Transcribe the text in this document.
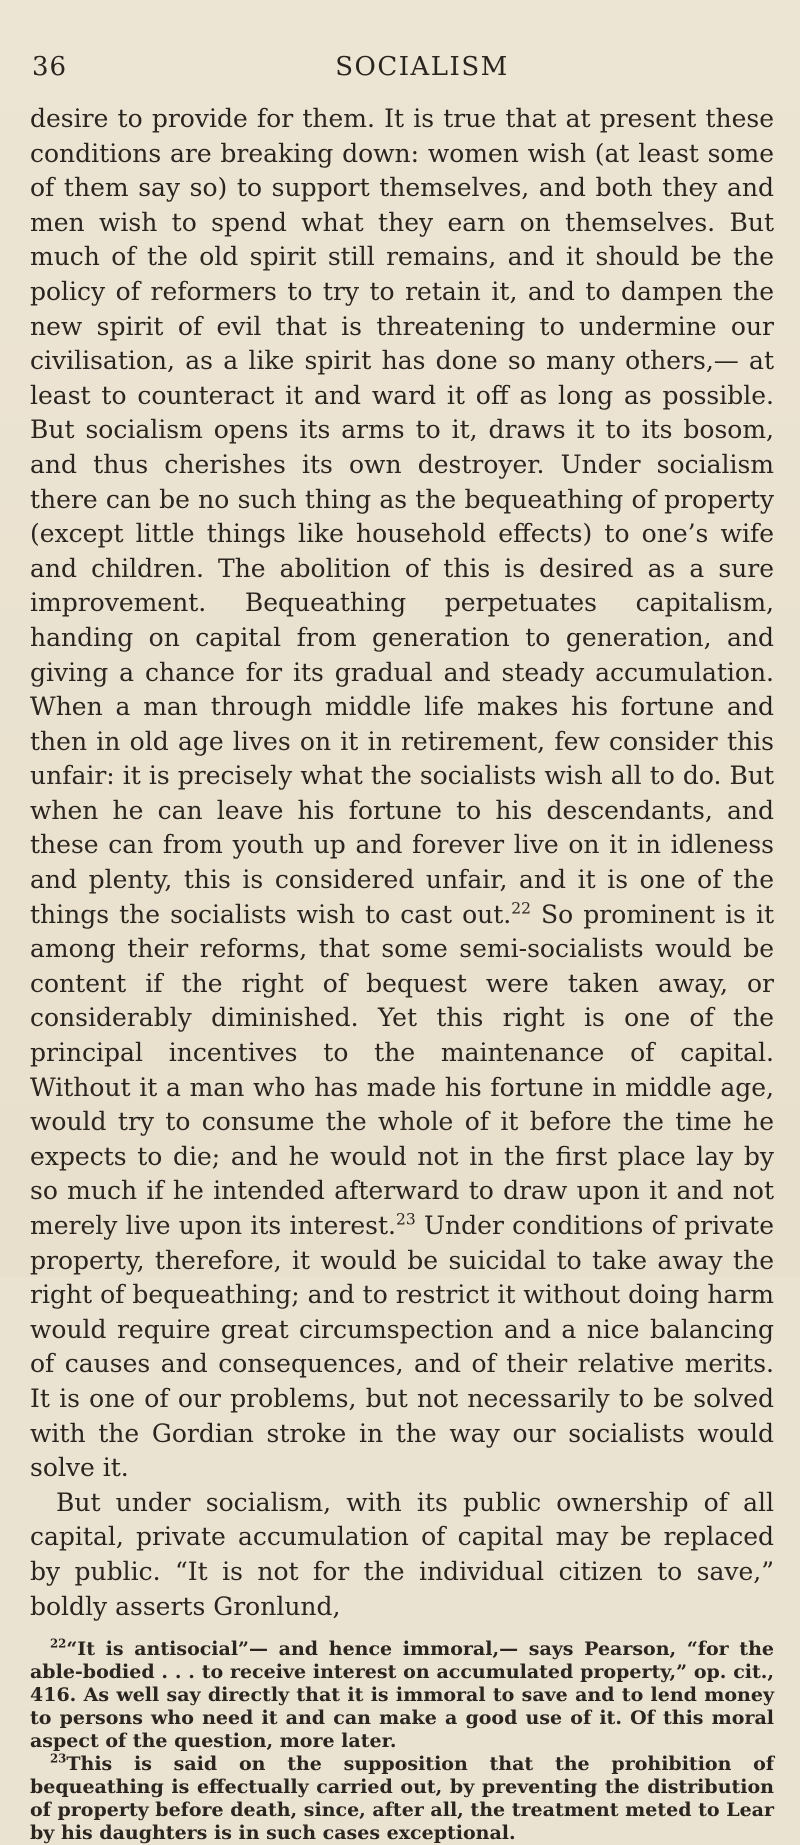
36	SOCIALISM

desire to provide for them. It is true that at present these conditions are breaking down: women wish (at least some of them say so) to support themselves, and both they and men wish to spend what they earn on themselves. But much of the old spirit still remains, and it should be the policy of reformers to try to retain it, and to dampen the new spirit of evil that is threatening to undermine our civilisation, as a like spirit has done so many others,— at least to counteract it and ward it off as long as possible. But socialism opens its arms to it, draws it to its bosom, and thus cherishes its own destroyer. Under socialism there can be no such thing as the bequeathing of property (except little things like household effects) to one’s wife and children. The abolition of this is desired as a sure improvement. Bequeathing perpetuates capitalism, handing on capital from generation to generation, and giving a chance for its gradual and steady accumulation. When a man through middle life makes his fortune and then in old age lives on it in retirement, few consider this unfair: it is precisely what the socialists wish all to do. But when he can leave his fortune to his descendants, and these can from youth up and forever live on it in idleness and plenty, this is considered unfair, and it is one of the things the socialists wish to cast out.$^{22}$ So prominent is it among their reforms, that some semi-socialists would be content if the right of bequest were taken away, or considerably diminished. Yet this right is one of the principal incentives to the maintenance of capital. Without it a man who has made his fortune in middle age, would try to consume the whole of it before the time he expects to die; and he would not in the first place lay by so much if he intended afterward to draw upon it and not merely live upon its interest.$^{23}$ Under conditions of private property, therefore, it would be suicidal to take away the right of bequeathing; and to restrict it without doing harm would require great circumspection and a nice balancing of causes and consequences, and of their relative merits. It is one of our problems, but not necessarily to be solved with the Gordian stroke in the way our socialists would solve it.

But under socialism, with its public ownership of all capital, private accumulation of capital may be replaced by public. “It is not for the individual citizen to save,” boldly asserts Gronlund,

$^{22}$“It is antisocial”— and hence immoral,— says Pearson, “for the able-bodied . . . to receive interest on accumulated property,” op. cit., 416. As well say directly that it is immoral to save and to lend money to persons who need it and can make a good use of it. Of this moral aspect of the question, more later.

$^{23}$This is said on the supposition that the prohibition of bequeathing is effectually carried out, by preventing the distribution of property before death, since, after all, the treatment meted to Lear by his daughters is in such cases exceptional.
